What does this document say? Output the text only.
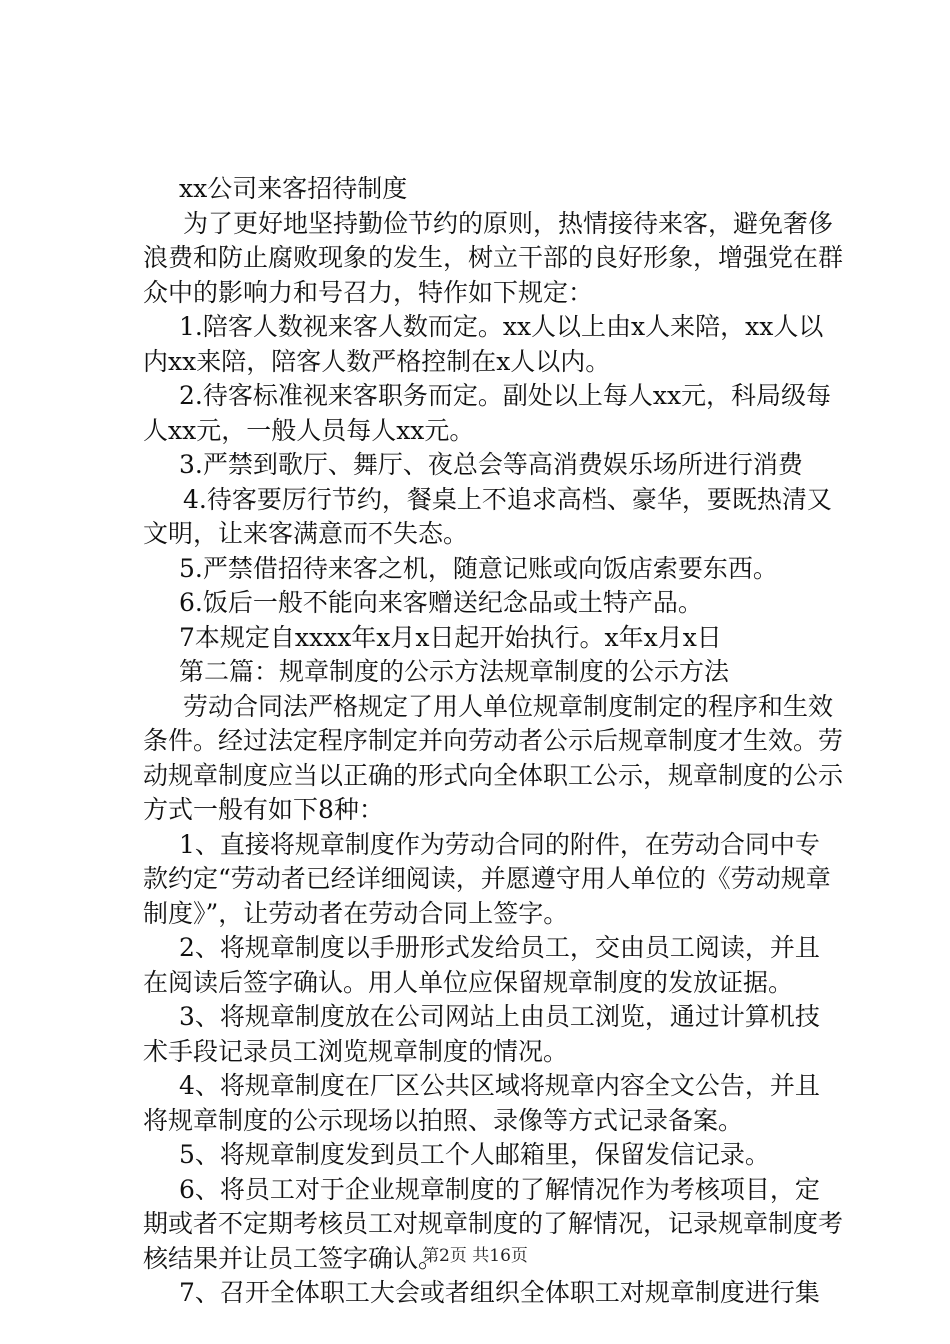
xx公司来客招待制度

为了更好地坚持勤俭节约的原则，热情接待来客，避免奢侈浪费和防止腐败现象的发生，树立干部的良好形象，增强党在群众中的影响力和号召力，特作如下规定：

1.陪客人数视来客人数而定。xx人以上由x人来陪，xx人以内xx来陪，陪客人数严格控制在x人以内。

2.待客标准视来客职务而定。副处以上每人xx元，科局级每人xx元，一般人员每人xx元。

3.严禁到歌厅、舞厅、夜总会等高消费娱乐场所进行消费

4.待客要厉行节约，餐桌上不追求高档、豪华，要既热清又文明，让来客满意而不失态。

5.严禁借招待来客之机，随意记账或向饭店索要东西。

6.饭后一般不能向来客赠送纪念品或土特产品。

7本规定自xxxx年x月x日起开始执行。x年x月x日

第二篇：规章制度的公示方法规章制度的公示方法

劳动合同法严格规定了用人单位规章制度制定的程序和生效条件。经过法定程序制定并向劳动者公示后规章制度才生效。劳动规章制度应当以正确的形式向全体职工公示，规章制度的公示方式一般有如下8种：

1、直接将规章制度作为劳动合同的附件，在劳动合同中专款约定“劳动者已经详细阅读，并愿遵守用人单位的《劳动规章制度》”，让劳动者在劳动合同上签字。

2、将规章制度以手册形式发给员工，交由员工阅读，并且在阅读后签字确认。用人单位应保留规章制度的发放证据。

3、将规章制度放在公司网站上由员工浏览，通过计算机技术手段记录员工浏览规章制度的情况。

4、将规章制度在厂区公共区域将规章内容全文公告，并且将规章制度的公示现场以拍照、录像等方式记录备案。

5、将规章制度发到员工个人邮箱里，保留发信记录。

6、将员工对于企业规章制度的了解情况作为考核项目，定期或者不定期考核员工对规章制度的了解情况，记录规章制度考核结果并让员工签字确认。

7、召开全体职工大会或者组织全体职工对规章制度进行集

第2页 共16页
